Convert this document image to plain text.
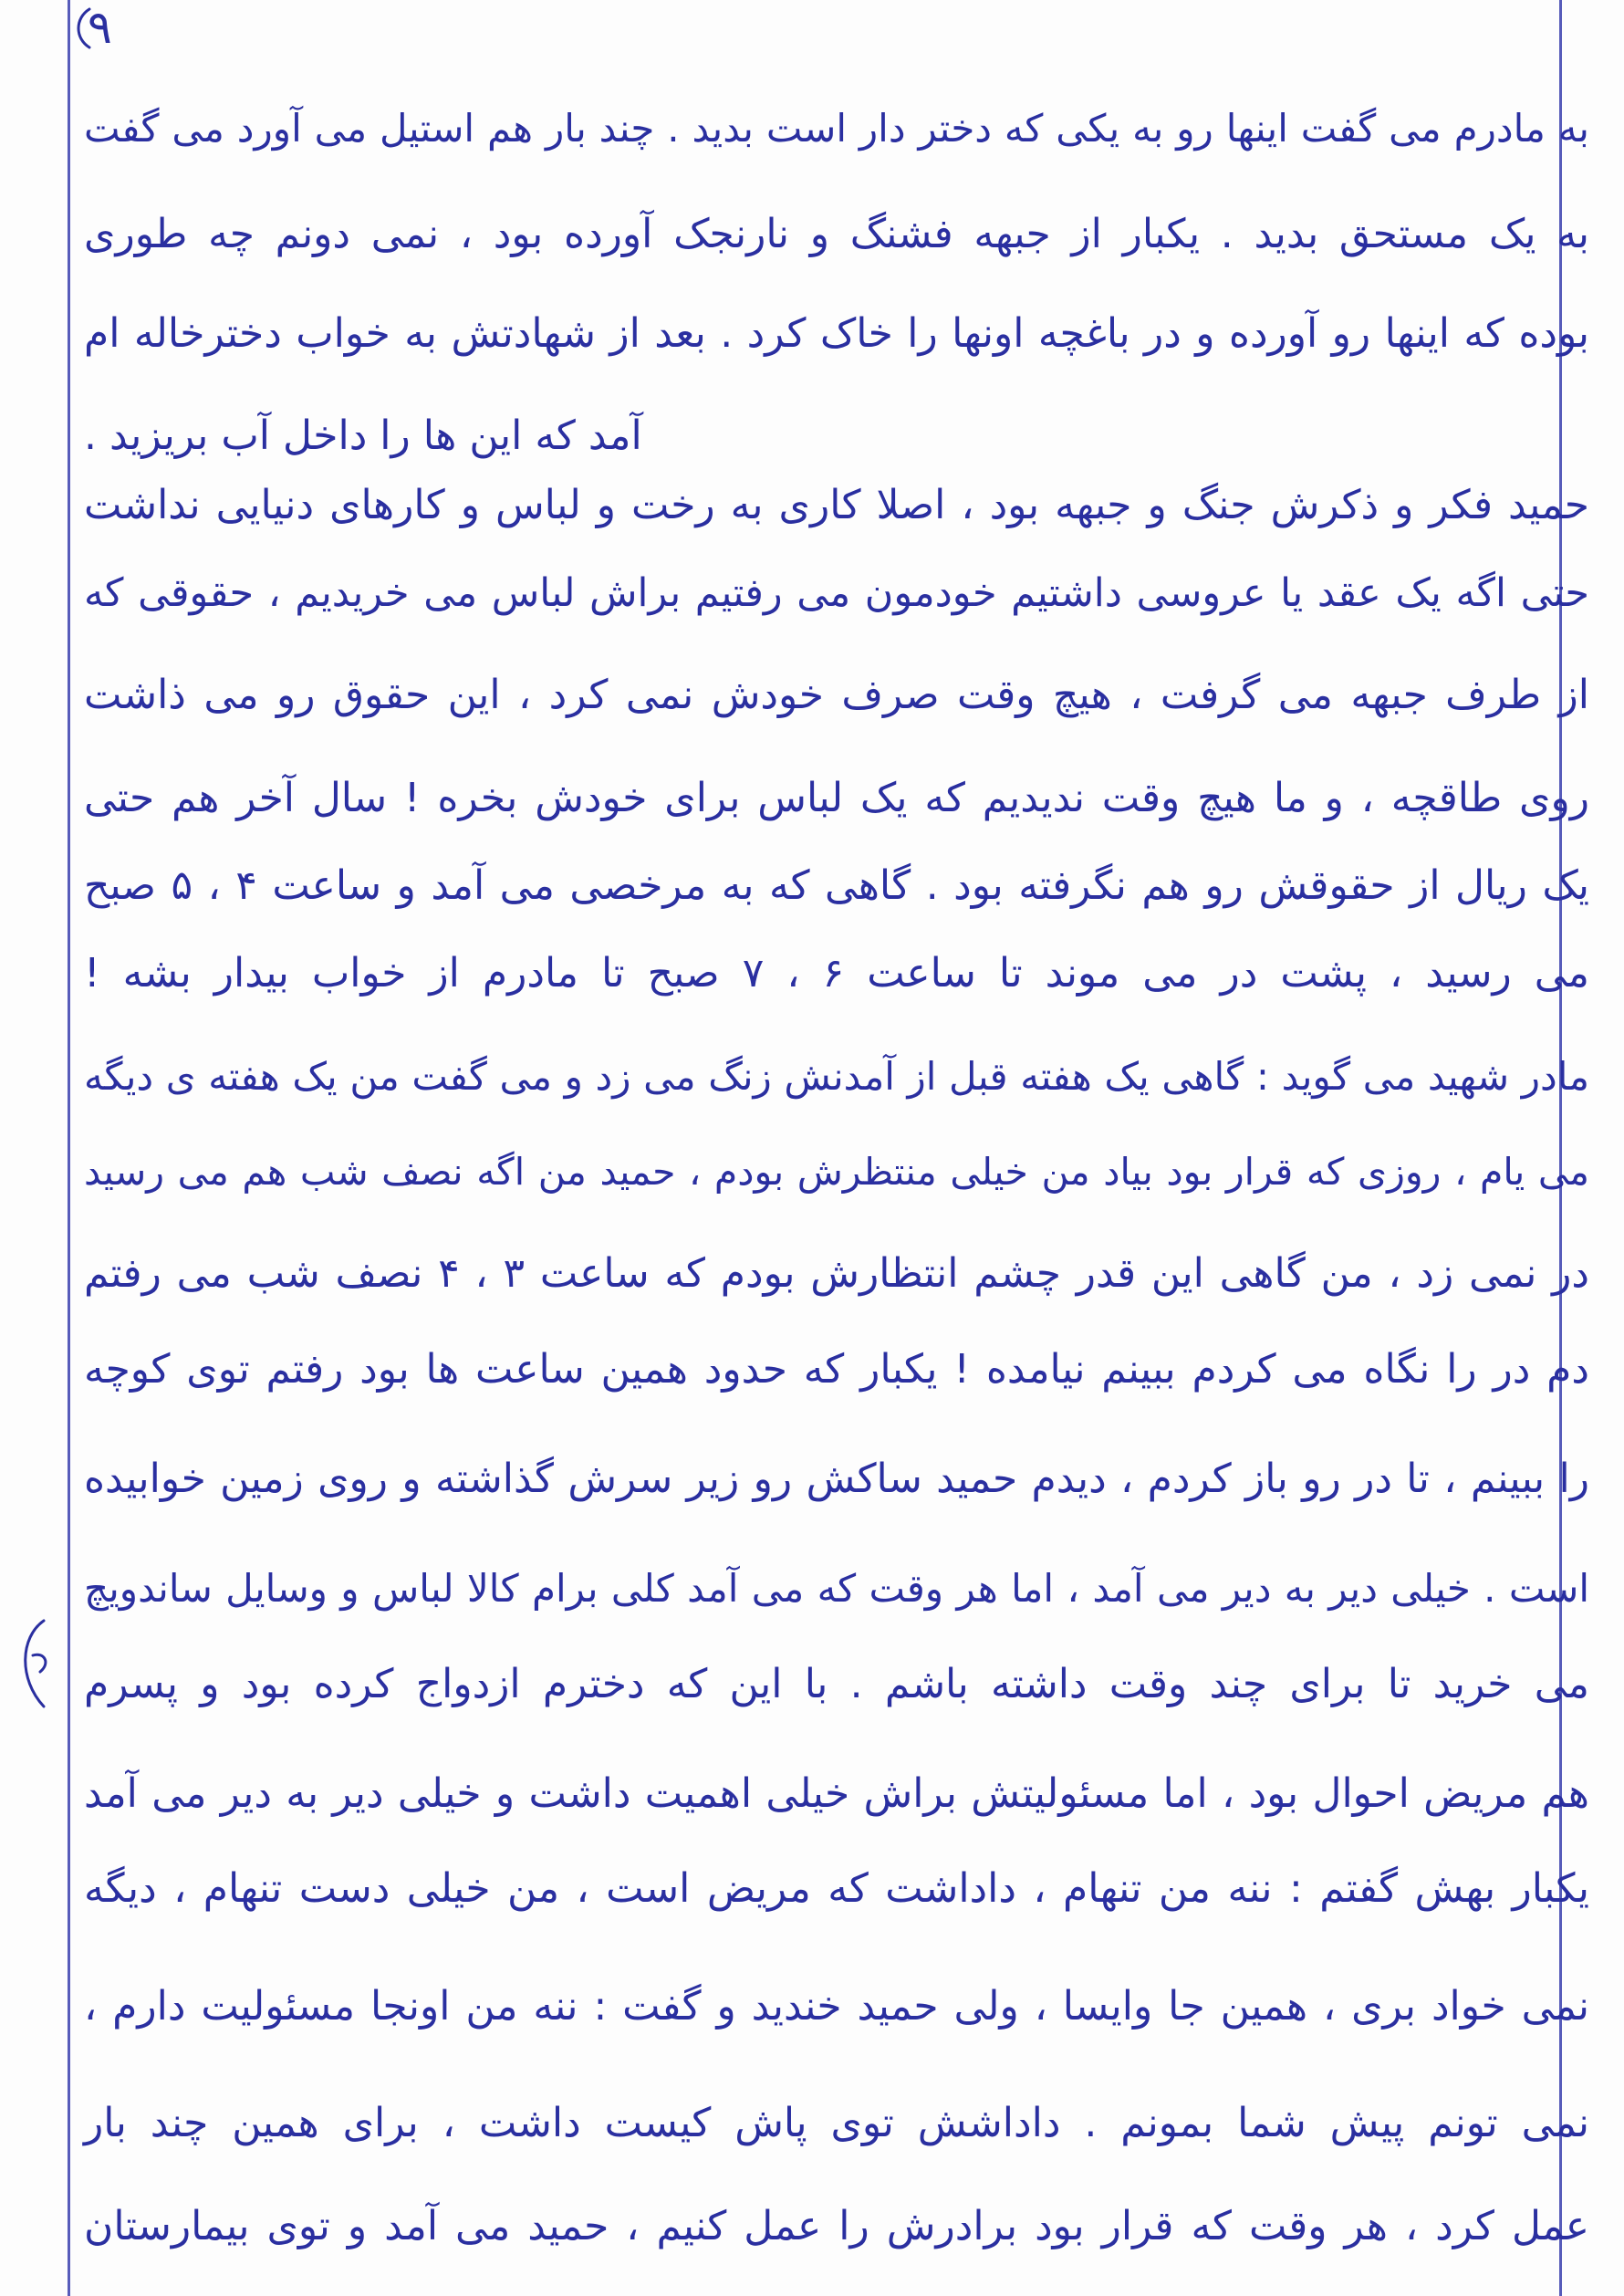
۹
به مادرم می گفت اینها رو به یکی که دختر دار است بدید . چند بار هم استیل می آورد می گفت
به یک مستحق بدید . یکبار از جبهه فشنگ و نارنجک آورده بود ، نمی دونم چه طوری
بوده که اینها رو آورده و در باغچه اونها را خاک کرد . بعد از شهادتش به خواب دخترخاله ام
آمد که این ها را داخل آب بریزید .
حمید فکر و ذکرش جنگ و جبهه بود ، اصلا کاری به رخت و لباس و کارهای دنیایی نداشت
حتی اگه یک عقد یا عروسی داشتیم خودمون می رفتیم براش لباس می خریدیم ، حقوقی که
از طرف جبهه می گرفت ، هیچ وقت صرف خودش نمی کرد ، این حقوق رو می ذاشت
روی طاقچه ، و ما هیچ وقت ندیدیم که یک لباس برای خودش بخره ! سال آخر هم حتی
یک ریال از حقوقش رو هم نگرفته بود . گاهی که به مرخصی می آمد و ساعت ۴ ، ۵ صبح
می رسید ، پشت در می موند تا ساعت ۶ ، ۷ صبح تا مادرم از خواب بیدار بشه !
مادر شهید می گوید : گاهی یک هفته قبل از آمدنش زنگ می زد و می گفت من یک هفته ی دیگه
می یام ، روزی که قرار بود بیاد من خیلی منتظرش بودم ، حمید من اگه نصف شب هم می رسید
در نمی زد ، من گاهی این قدر چشم انتظارش بودم که ساعت ۳ ، ۴ نصف شب می رفتم
دم در را نگاه می کردم ببینم نیامده ! یکبار که حدود همین ساعت ها بود رفتم توی کوچه
را ببینم ، تا در رو باز کردم ، دیدم حمید ساکش رو زیر سرش گذاشته و روی زمین خوابیده
است . خیلی دیر به دیر می آمد ، اما هر وقت که می آمد کلی برام کالا لباس و وسایل ساندویچ
می خرید تا برای چند وقت داشته باشم . با این که دخترم ازدواج کرده بود و پسرم
هم مریض احوال بود ، اما مسئولیتش براش خیلی اهمیت داشت و خیلی دیر به دیر می آمد
یکبار بهش گفتم : ننه من تنهام ، داداشت که مریض است ، من خیلی دست تنهام ، دیگه
نمی خواد بری ، همین جا وایسا ، ولی حمید خندید و گفت : ننه من اونجا مسئولیت دارم ،
نمی تونم پیش شما بمونم . داداشش توی پاش کیست داشت ، برای همین چند بار
عمل کرد ، هر وقت که قرار بود برادرش را عمل کنیم ، حمید می آمد و توی بیمارستان
